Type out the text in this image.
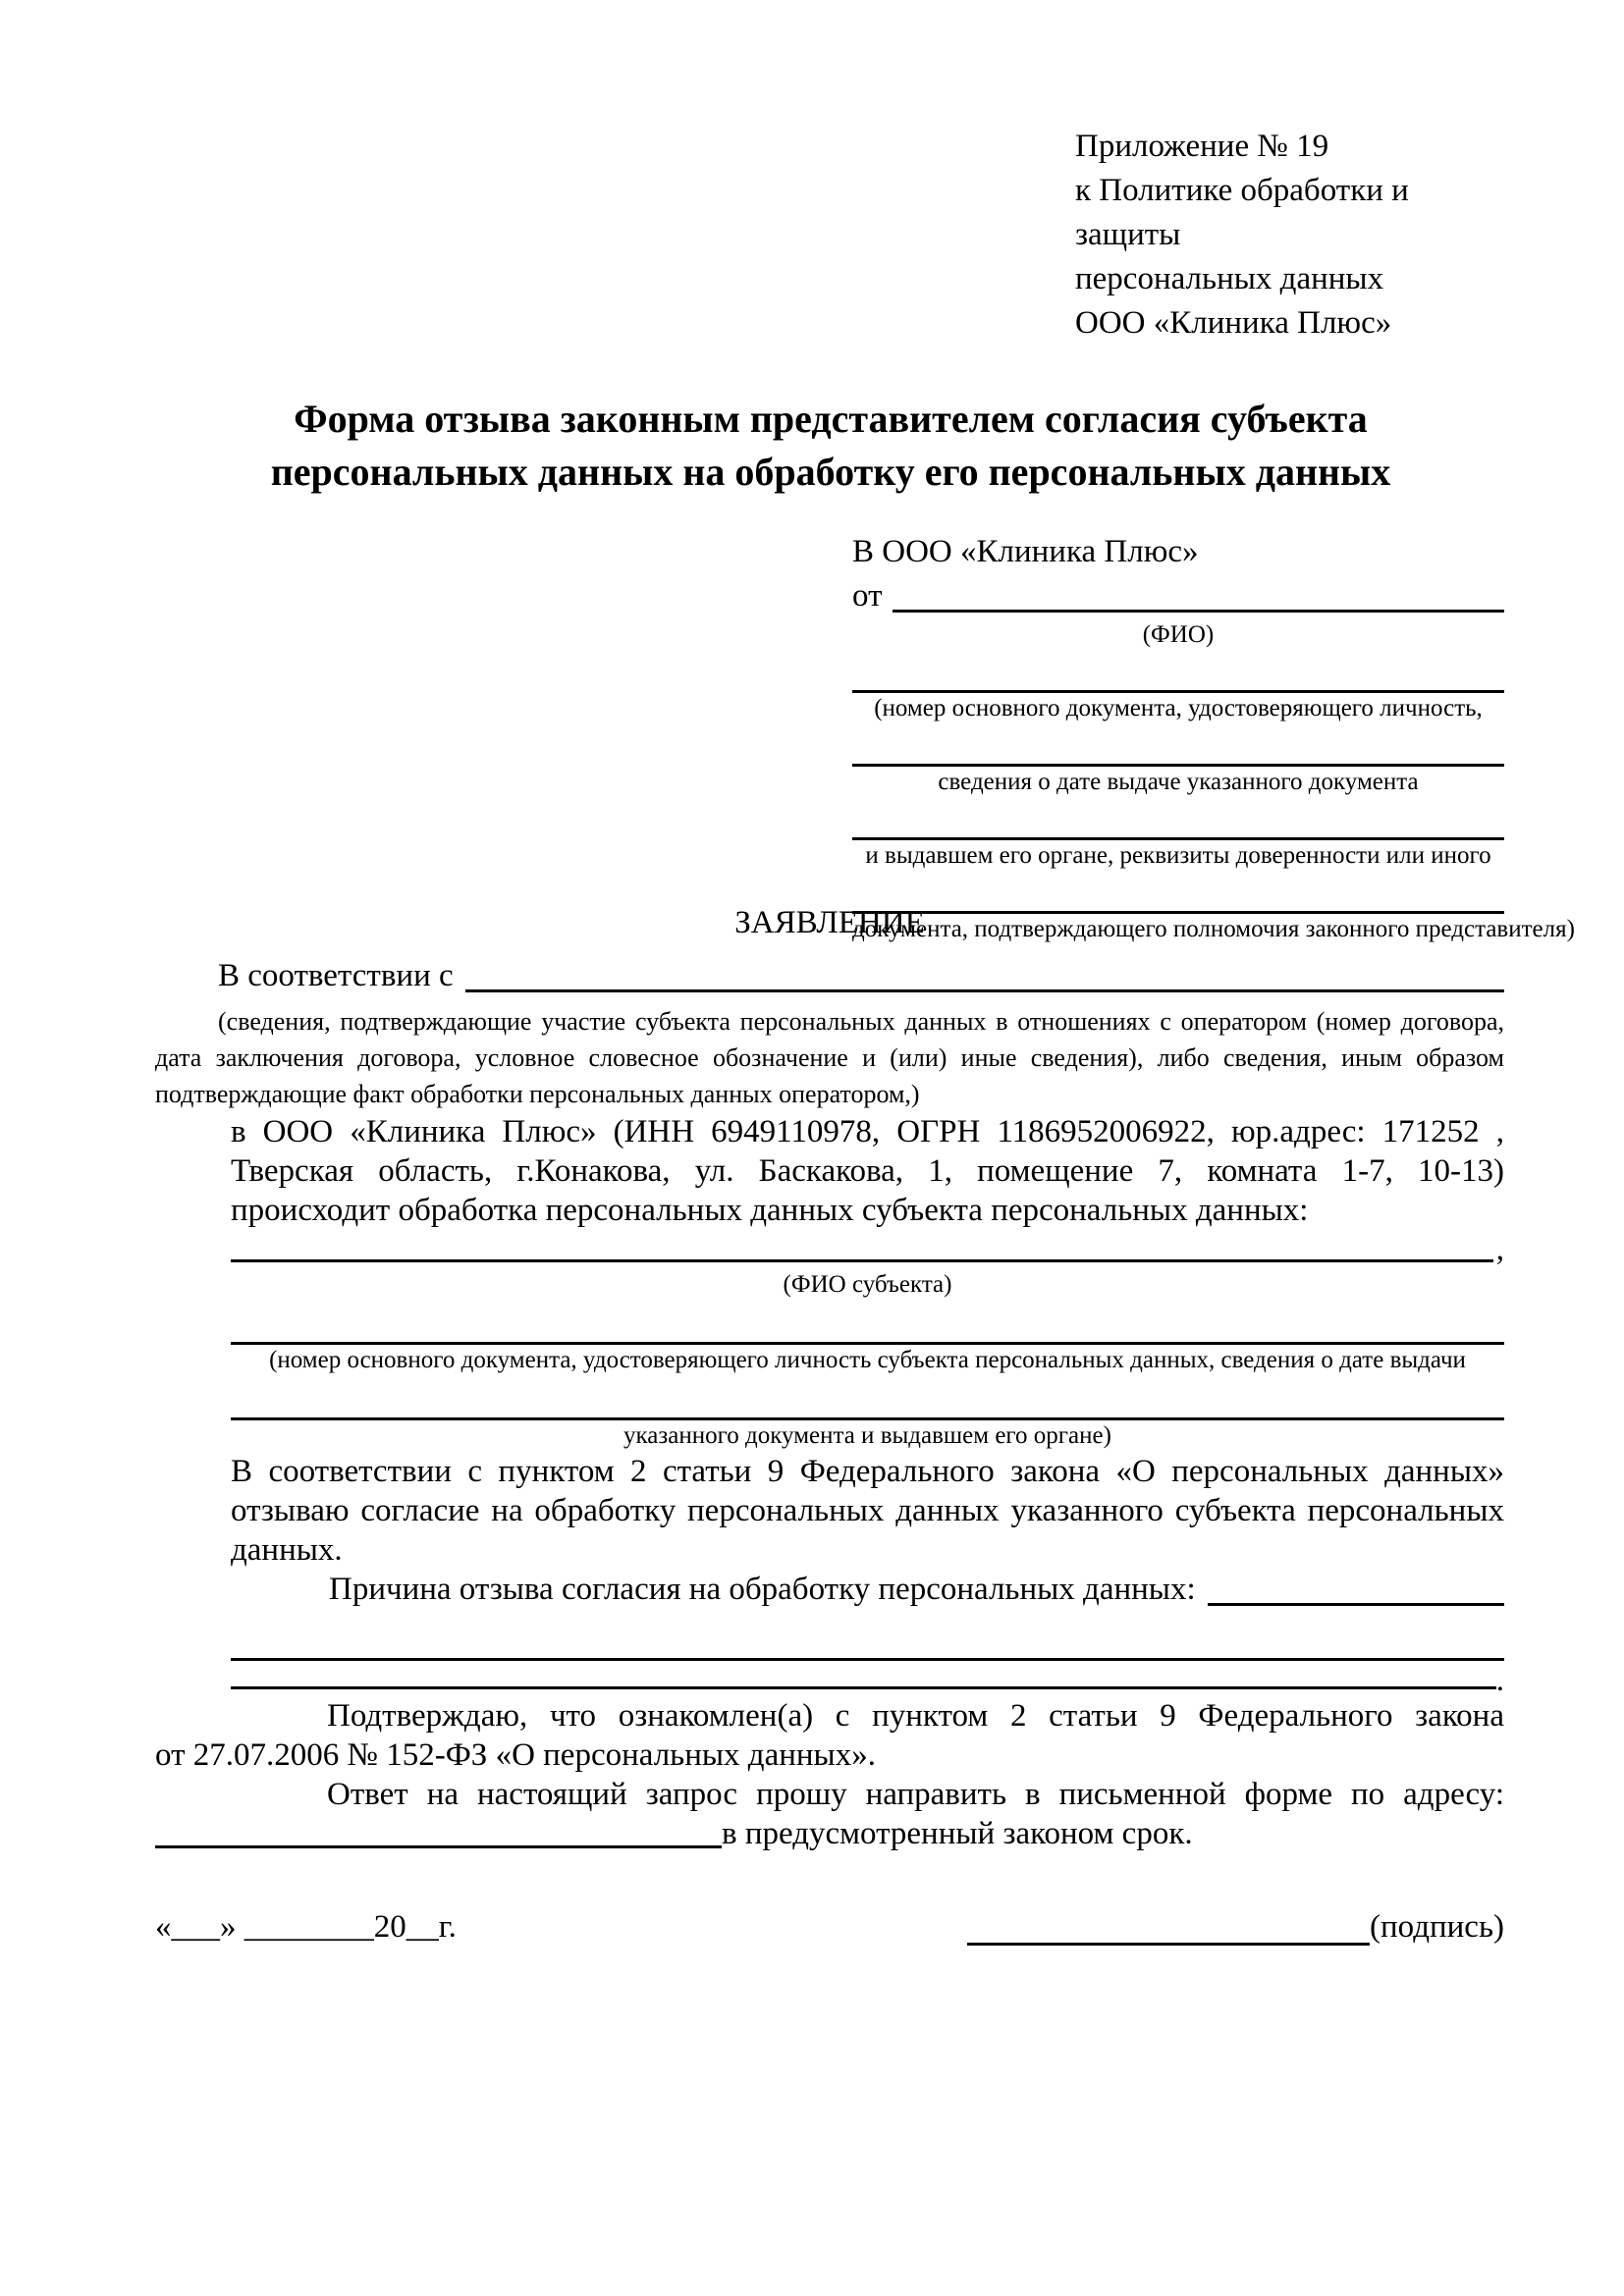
Приложение № 19
к Политике обработки и защиты
персональных данных
ООО «Клиника Плюс»
Форма отзыва законным представителем согласия субъекта
персональных данных на обработку его персональных данных
В ООО «Клиника Плюс»
от
(ФИО)
(номер основного документа, удостоверяющего личность,
сведения о дате выдаче указанного документа
и выдавшем его органе, реквизиты доверенности или иного
документа, подтверждающего полномочия законного представителя)
ЗАЯВЛЕНИЕ
В соответствии с
(сведения, подтверждающие участие субъекта персональных данных в отношениях с оператором (номер договора, дата заключения договора, условное словесное обозначение и (или) иные сведения), либо сведения, иным образом подтверждающие факт обработки персональных данных оператором,)
в ООО «Клиника Плюс» (ИНН 6949110978, ОГРН 1186952006922, юр.адрес: 171252 ,
Тверская область, г.Конакова, ул. Баскакова, 1, помещение 7, комната 1-7, 10-13)
происходит обработка персональных данных субъекта персональных данных:
,
(ФИО субъекта)
(номер основного документа, удостоверяющего личность субъекта персональных данных, сведения о дате выдачи
указанного документа и выдавшем его органе)
В соответствии с пунктом 2 статьи 9 Федерального закона «О персональных данных»
отзываю согласие на обработку персональных данных указанного субъекта персональных
данных.
Причина отзыва согласия на обработку персональных данных:
.
Подтверждаю, что ознакомлен(а) с пунктом 2 статьи 9 Федерального закона
от 27.07.2006 № 152-ФЗ «О персональных данных».
Ответ на настоящий запрос прошу направить в письменной форме по адресу:
в предусмотренный законом срок.
«___» ________20__г.	(подпись)
